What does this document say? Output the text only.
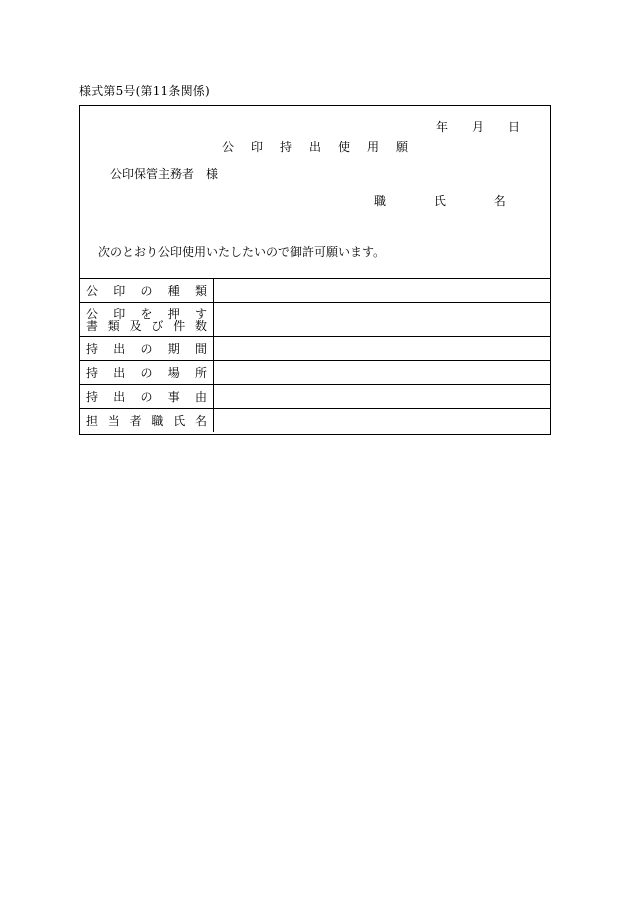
様式第5号(第11条関係)
年 月 日
公印持出使用願
公印保管主務者 様
職	氏	名
次のとおり公印使用いたしたいので御許可願います。
公印の種類	

公印を押す
書類及び件数	

持出の期間	
持出の場所	
持出の事由	
担当者職氏名	
